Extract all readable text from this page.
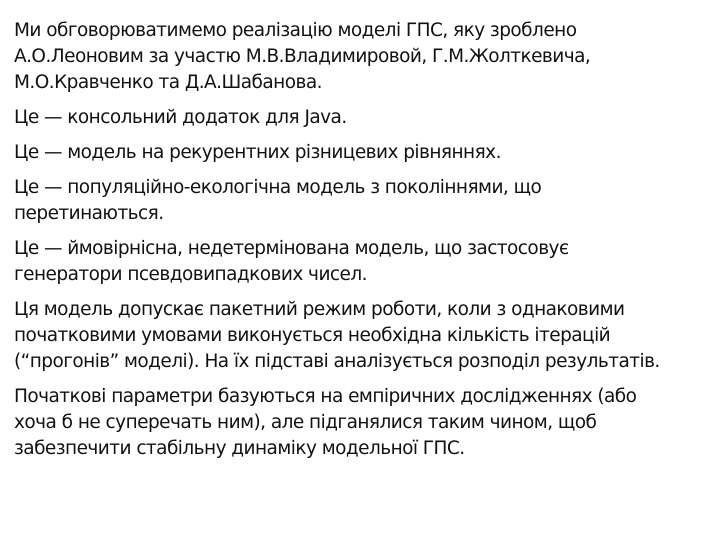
Ми обговорюватимемо реалізацію моделі ГПС, яку зроблено
А.О.Леоновим за участю М.В.Владимировой, Г.М.Жолткевича,
М.О.Кравченко та Д.А.Шабанова.

Це — консольний додаток для Java.

Це — модель на рекурентних різницевих рівняннях.

Це — популяційно-екологічна модель з поколіннями, що
перетинаються.

Це — ймовірнісна, недетермінована модель, що застосовує
генератори псевдовипадкових чисел.

Ця модель допускає пакетний режим роботи, коли з однаковими
початковими умовами виконується необхідна кількість ітерацій
(“прогонів” моделі). На їх підставі аналізується розподіл результатів.

Початкові параметри базуються на емпіричних дослідженнях (або
хоча б не суперечать ним), але підганялися таким чином, щоб
забезпечити стабільну динаміку модельної ГПС.
